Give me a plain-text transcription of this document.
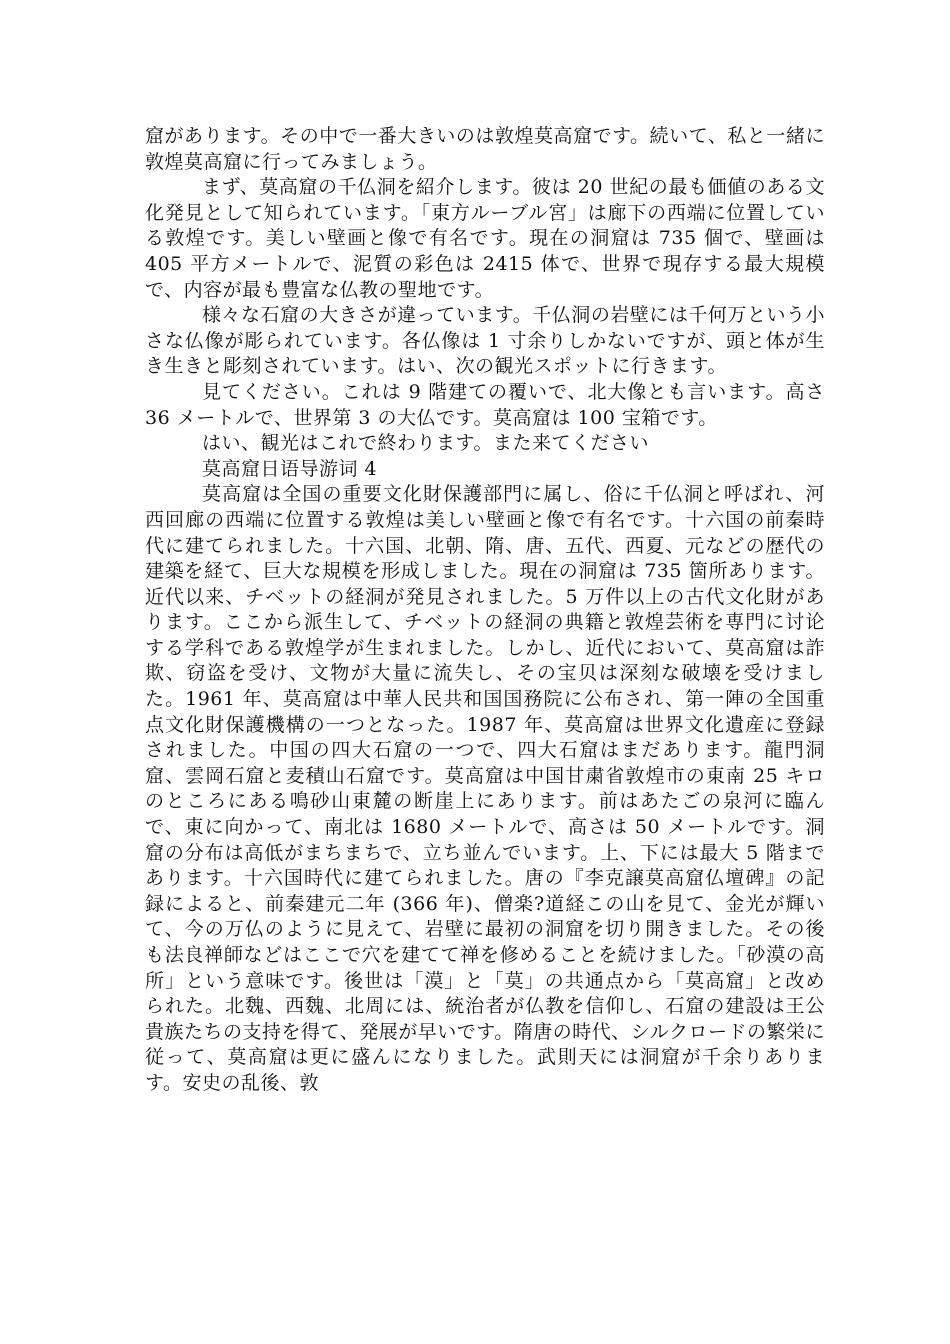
窟があります。その中で一番大きいのは敦煌莫高窟です。続いて、私と一緒に敦煌莫高窟に行ってみましょう。

まず、莫高窟の千仏洞を紹介します。彼は 20 世紀の最も価値のある文化発見として知られています。「東方ルーブル宮」は廊下の西端に位置している敦煌です。美しい壁画と像で有名です。現在の洞窟は 735 個で、壁画は 405 平方メートルで、泥質の彩色は 2415 体で、世界で現存する最大規模で、内容が最も豊富な仏教の聖地です。

様々な石窟の大きさが違っています。千仏洞の岩壁には千何万という小さな仏像が彫られています。各仏像は 1 寸余りしかないですが、頭と体が生き生きと彫刻されています。はい、次の観光スポットに行きます。

見てください。これは 9 階建ての覆いで、北大像とも言います。高さ 36 メートルで、世界第 3 の大仏です。莫高窟は 100 宝箱です。

はい、観光はこれで終わります。また来てください

莫高窟日语导游词 4

莫高窟は全国の重要文化財保護部門に属し、俗に千仏洞と呼ばれ、河西回廊の西端に位置する敦煌は美しい壁画と像で有名です。十六国の前秦時代に建てられました。十六国、北朝、隋、唐、五代、西夏、元などの歴代の建築を経て、巨大な規模を形成しました。現在の洞窟は 735 箇所あります。近代以来、チベットの経洞が発見されました。5 万件以上の古代文化財があります。ここから派生して、チベットの経洞の典籍と敦煌芸術を専門に讨论する学科である敦煌学が生まれました。しかし、近代において、莫高窟は詐欺、窃盗を受け、文物が大量に流失し、その宝贝は深刻な破壊を受けました。1961 年、莫高窟は中華人民共和国国務院に公布され、第一陣の全国重点文化財保護機構の一つとなった。1987 年、莫高窟は世界文化遺産に登録されました。中国の四大石窟の一つで、四大石窟はまだあります。龍門洞窟、雲岡石窟と麦積山石窟です。莫高窟は中国甘粛省敦煌市の東南 25 キロのところにある鳴砂山東麓の断崖上にあります。前はあたごの泉河に臨んで、東に向かって、南北は 1680 メートルで、高さは 50 メートルです。洞窟の分布は高低がまちまちで、立ち並んでいます。上、下には最大 5 階まであります。十六国時代に建てられました。唐の『李克譲莫高窟仏壇碑』の記録によると、前秦建元二年 (366 年)、僧楽?道経この山を見て、金光が輝いて、今の万仏のように見えて、岩壁に最初の洞窟を切り開きました。その後も法良禅師などはここで穴を建てて禅を修めることを続けました。「砂漠の高所」という意味です。後世は「漠」と「莫」の共通点から「莫高窟」と改められた。北魏、西魏、北周には、統治者が仏教を信仰し、石窟の建設は王公貴族たちの支持を得て、発展が早いです。隋唐の時代、シルクロードの繁栄に従って、莫高窟は更に盛んになりました。武則天には洞窟が千余りあります。安史の乱後、敦
